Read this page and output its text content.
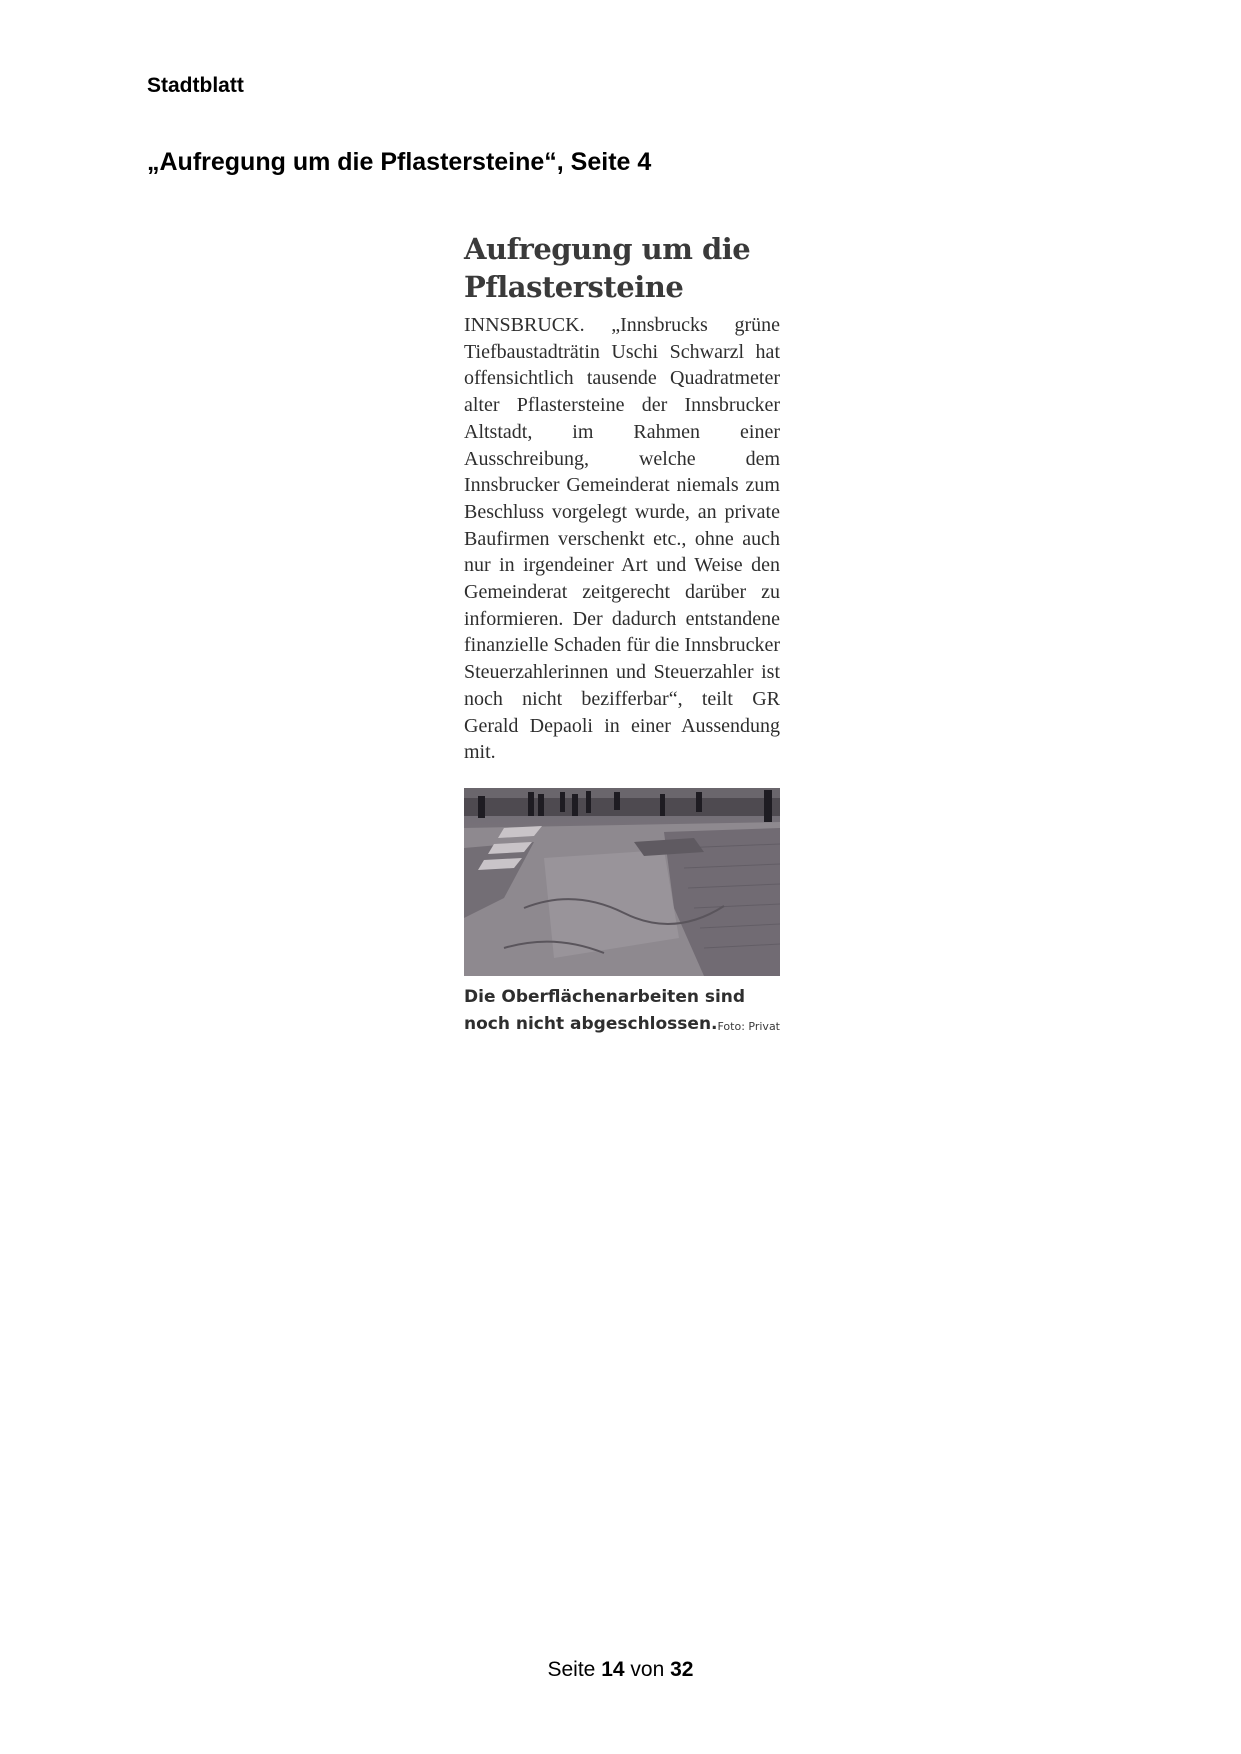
Stadtblatt
„Aufregung um die Pflastersteine“, Seite 4
Aufregung um die Pflastersteine

INNSBRUCK. „Innsbrucks grüne Tiefbaustadträtin Uschi Schwarzl hat offensichtlich tausende Quadratmeter alter Pflastersteine der Innsbrucker Altstadt, im Rahmen einer Ausschreibung, welche dem Innsbrucker Gemeinderat niemals zum Beschluss vorgelegt wurde, an private Baufirmen verschenkt etc., ohne auch nur in irgendeiner Art und Weise den Gemeinderat zeitgerecht darüber zu informieren. Der dadurch entstandene finanzielle Schaden für die Innsbrucker Steuerzahlerinnen und Steuerzahler ist noch nicht bezifferbar“, teilt GR Gerald Depaoli in einer Aussendung mit.

Die Oberflächenarbeiten sind noch nicht abgeschlossen. Foto: Privat
Seite 14 von 32
